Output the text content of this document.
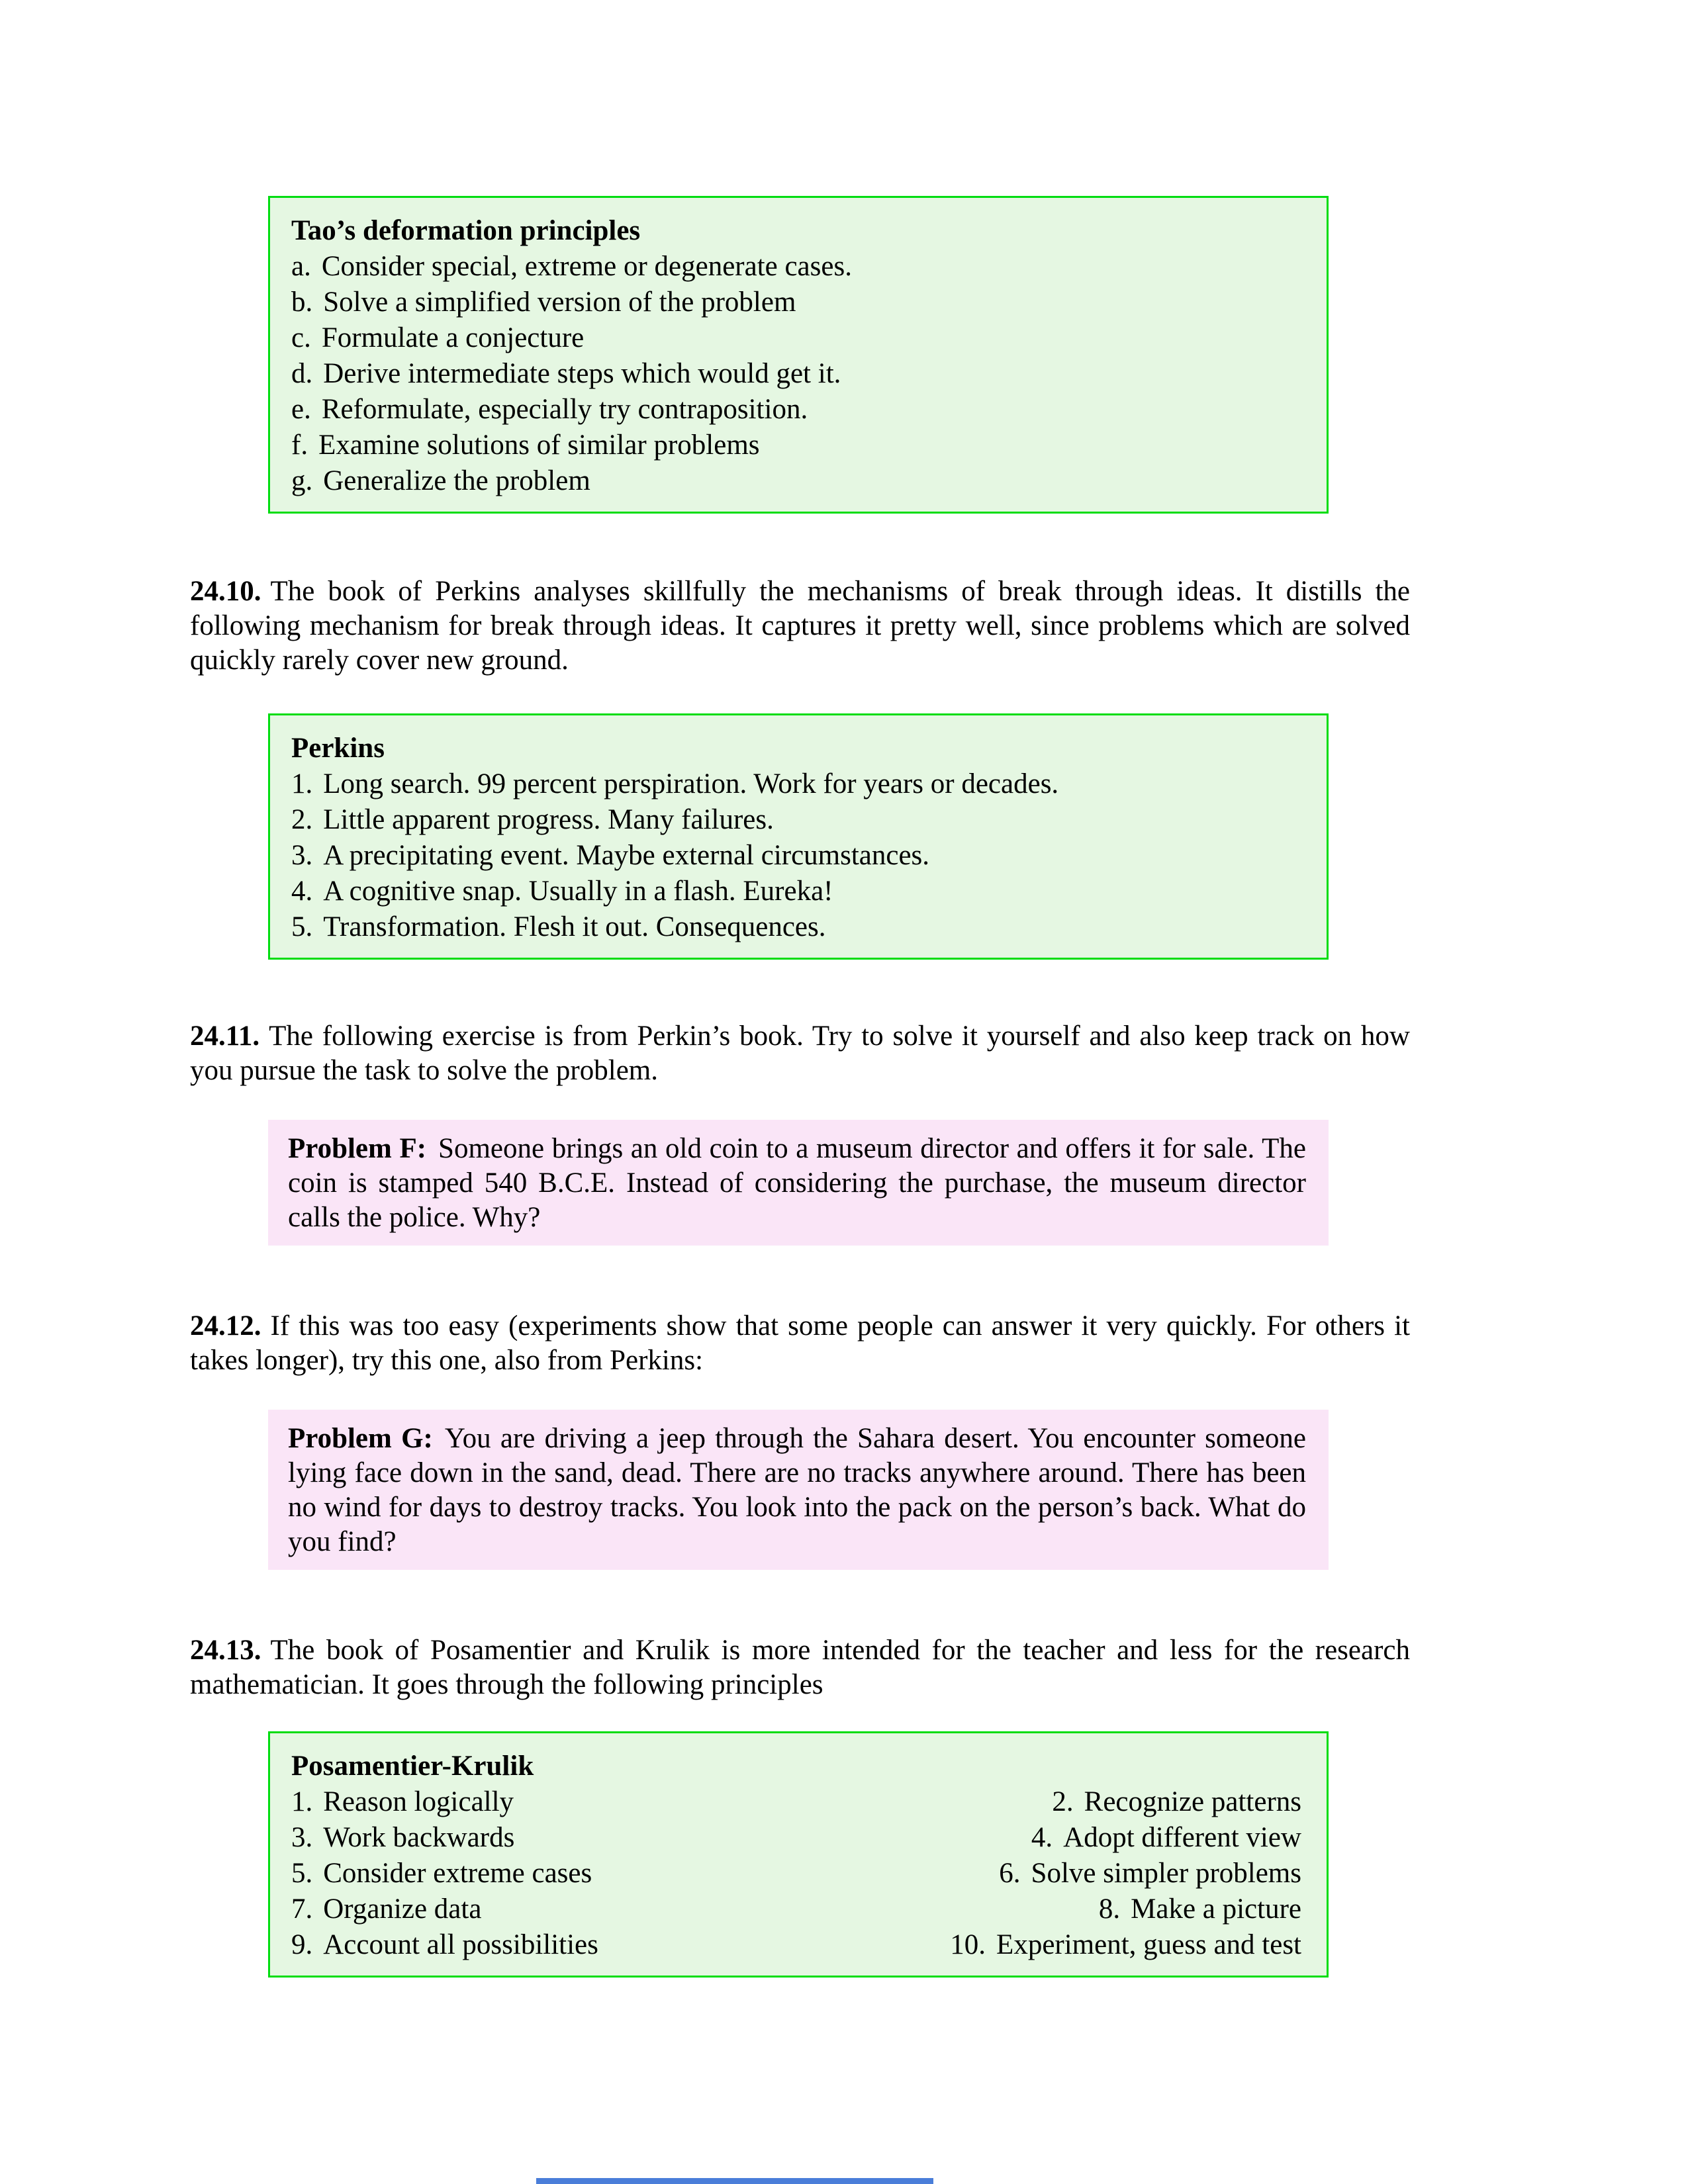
Tao’s deformation principles
a. Consider special, extreme or degenerate cases.
b. Solve a simplified version of the problem
c. Formulate a conjecture
d. Derive intermediate steps which would get it.
e. Reformulate, especially try contraposition.
f. Examine solutions of similar problems
g. Generalize the problem

24.10. The book of Perkins analyses skillfully the mechanisms of break through ideas. It distills the following mechanism for break through ideas. It captures it pretty well, since problems which are solved quickly rarely cover new ground.

Perkins
1. Long search. 99 percent perspiration. Work for years or decades.
2. Little apparent progress. Many failures.
3. A precipitating event. Maybe external circumstances.
4. A cognitive snap. Usually in a flash. Eureka!
5. Transformation. Flesh it out. Consequences.

24.11. The following exercise is from Perkin’s book. Try to solve it yourself and also keep track on how you pursue the task to solve the problem.

Problem F: Someone brings an old coin to a museum director and offers it for sale. The coin is stamped 540 B.C.E. Instead of considering the purchase, the museum director calls the police. Why?

24.12. If this was too easy (experiments show that some people can answer it very quickly. For others it takes longer), try this one, also from Perkins:

Problem G: You are driving a jeep through the Sahara desert. You encounter someone lying face down in the sand, dead. There are no tracks anywhere around. There has been no wind for days to destroy tracks. You look into the pack on the person’s back. What do you find?

24.13. The book of Posamentier and Krulik is more intended for the teacher and less for the research mathematician. It goes through the following principles

Posamentier-Krulik
1. Reason logically	2. Recognize patterns
3. Work backwards	4. Adopt different view
5. Consider extreme cases	6. Solve simpler problems
7. Organize data	8. Make a picture
9. Account all possibilities	10. Experiment, guess and test
